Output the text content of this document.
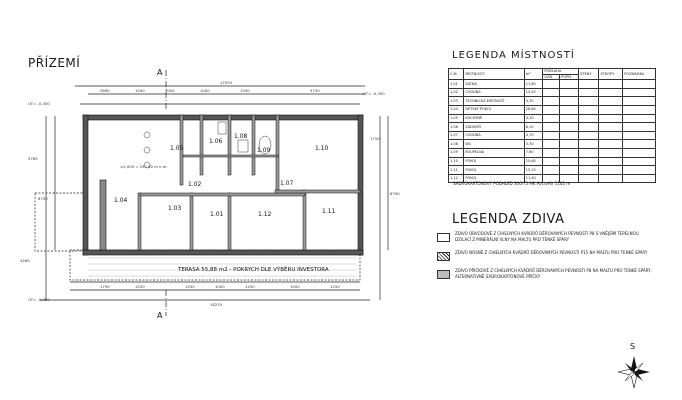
PŘÍZEMÍ
1.05
1.06
1.08
1.09	1.10
1.04
1.02	1.07
1.03
1.01	1.12	1.11
TERASA 55,88 m2 - POKRYCH DLE VÝBĚRU INVESTORA
17920
2890	1000	3000	1000	1500	5730
18270
1750	1200	1550	1000	1250	1500	1250
5765
8790
4260
1750
8790
±0,000 = 252,80 m n.m.
UT= -0,350
UT= -0,350
UT= -0,350
A
A
S
LEGENDA MÍSTNOSTÍ
Č.M.	MÍSTNOSTI	m²	PODLAHA		STĚNY	STROPY	POZNÁMKA
			OZN.	POPIS			
1.01	ŠATNA	11,80					
1.02	CHODBA	14,45					
1.03	TECHNICKÁ MÍSTNOST	3,30					
1.04	DĚTSKÝ POKOJ	28,60					
1.05	KUCHYNĚ	4,20					
1.06	ZÁDVEŘÍ	6,10					
1.07	CHODBA	4,70					
1.08	WC	3,30					
1.09	KOUPELNA	7,60					
1.10	POKOJ	15,60					
1.11	POKOJ	15,15					
1.12	POKOJ	11,40					
SÁDROKARTONOVÝ PODHLED 300/75 MK Al/ctvAir 1102 m
LEGENDA ZDIVA
ZDIVO OBVODOVÉ Z CIHELNÝCH KVÁDRŮ DĚROVANÝCH PEVNOSTI P8 S VNĚJŠÍM TEPELNOU IZOLACÍ Z MINERÁLNÍ VLNY NA MALTU PRO TENKÉ SPÁRY
ZDIVO NOSNÉ Z CIHELNÝCH KVÁDRŮ DĚROVANÝCH PEVNOSTI P15 NA MALTU PRO TENKÉ SPÁRY
ZDIVO PŘÍČKOVÉ Z CIHELNÝCH KVÁDRŮ DĚROVANÝCH PEVNOSTI P8 NA MALTU PRO TENKÉ SPÁRY, ALTERNATIVNĚ SÁDROKARTONOVÉ PŘÍČKY
